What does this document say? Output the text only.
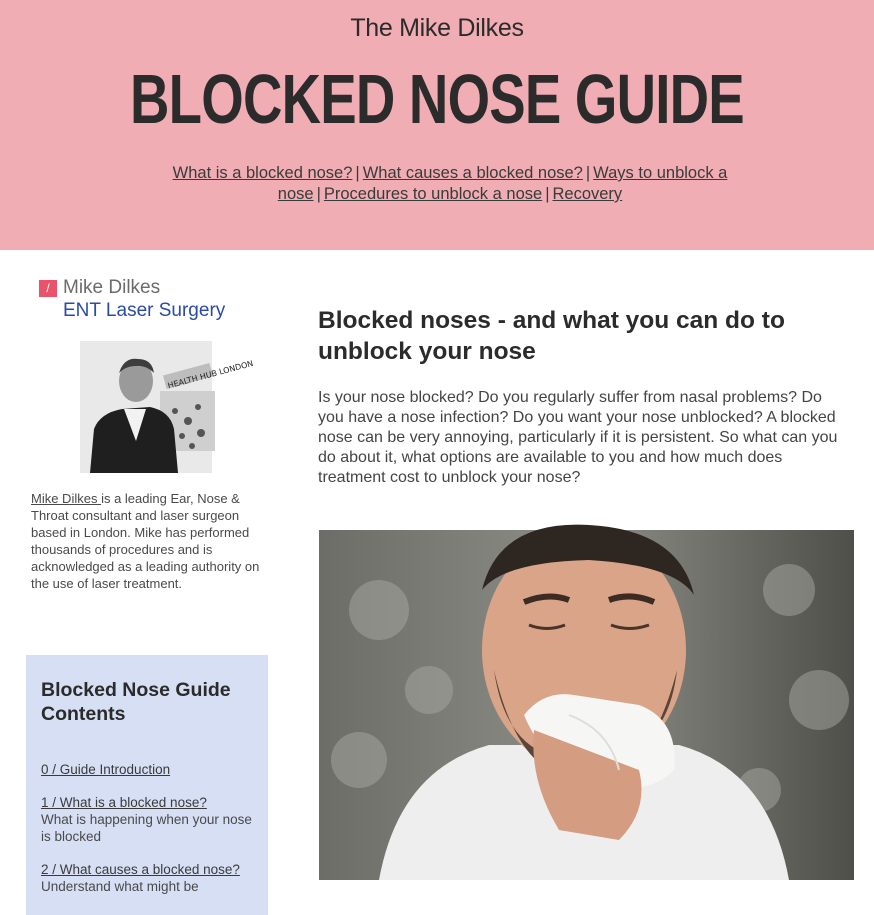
The Mike Dilkes
BLOCKED NOSE GUIDE
What is a blocked nose? | What causes a blocked nose? | Ways to unblock a nose | Procedures to unblock a nose | Recovery
/ Mike Dilkes
ENT Laser Surgery
HEALTH HUB LONDON
Mike Dilkes is a leading Ear, Nose & Throat consultant and laser surgeon based in London. Mike has performed thousands of procedures and is acknowledged as a leading authority on the use of laser treatment.
Blocked Nose Guide Contents
0 / Guide Introduction
1 / What is a blocked nose?
What is happening when your nose is blocked
2 / What causes a blocked nose?
Understand what might be
Blocked noses - and what you can do to unblock your nose

Is your nose blocked? Do you regularly suffer from nasal problems? Do you have a nose infection? Do you want your nose unblocked? A blocked nose can be very annoying, particularly if it is persistent. So what can you do about it, what options are available to you and how much does treatment cost to unblock your nose?
